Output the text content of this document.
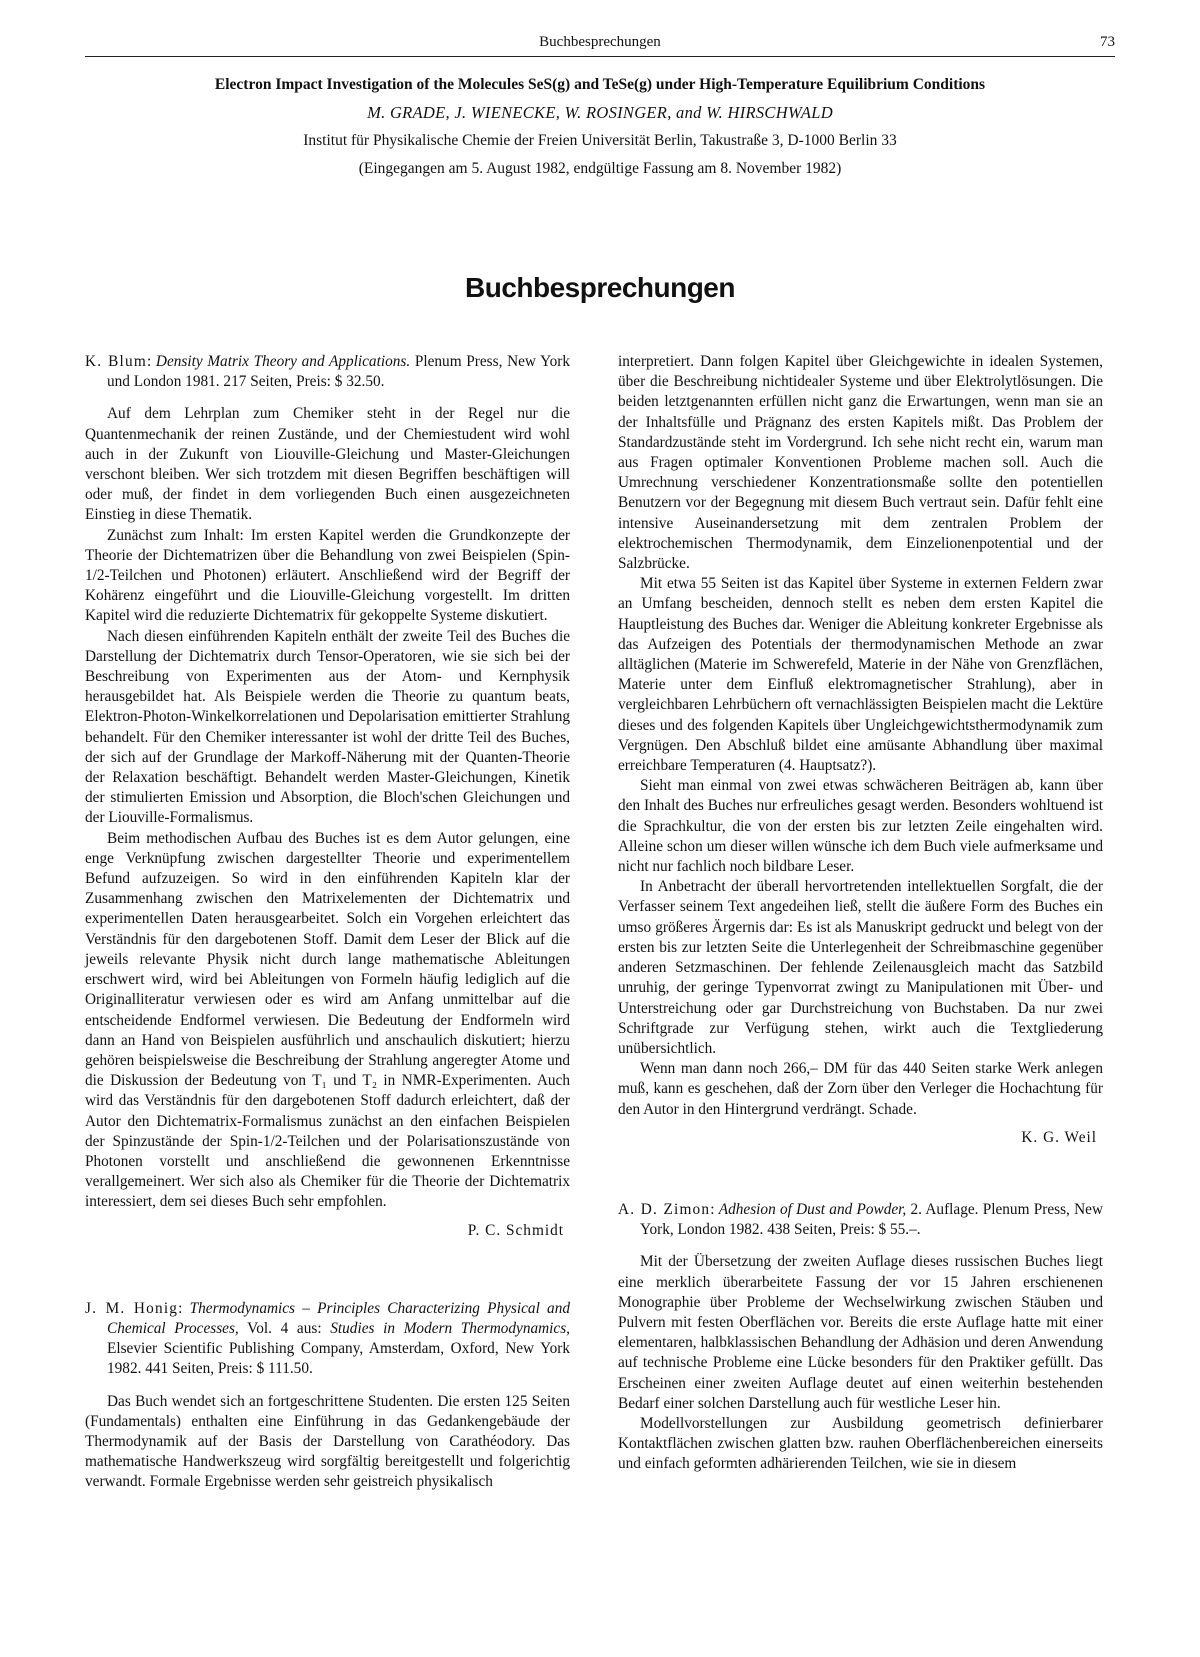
Buchbesprechungen	73
Electron Impact Investigation of the Molecules SeS(g) and TeSe(g) under High-Temperature Equilibrium Conditions
M. GRADE, J. WIENECKE, W. ROSINGER, and W. HIRSCHWALD
Institut für Physikalische Chemie der Freien Universität Berlin, Takustraße 3, D-1000 Berlin 33
(Eingegangen am 5. August 1982, endgültige Fassung am 8. November 1982)
Buchbesprechungen

K. Blum: Density Matrix Theory and Applications. Plenum Press, New York und London 1981. 217 Seiten, Preis: $ 32.50.

Auf dem Lehrplan zum Chemiker steht in der Regel nur die Quantenmechanik der reinen Zustände, und der Chemiestudent wird wohl auch in der Zukunft von Liouville-Gleichung und Master-Gleichungen verschont bleiben. Wer sich trotzdem mit diesen Begriffen beschäftigen will oder muß, der findet in dem vorliegenden Buch einen ausgezeichneten Einstieg in diese Thematik.

Zunächst zum Inhalt: Im ersten Kapitel werden die Grundkonzepte der Theorie der Dichtematrizen über die Behandlung von zwei Beispielen (Spin-1/2-Teilchen und Photonen) erläutert. Anschließend wird der Begriff der Kohärenz eingeführt und die Liouville-Gleichung vorgestellt. Im dritten Kapitel wird die reduzierte Dichtematrix für gekoppelte Systeme diskutiert.

Nach diesen einführenden Kapiteln enthält der zweite Teil des Buches die Darstellung der Dichtematrix durch Tensor-Operatoren, wie sie sich bei der Beschreibung von Experimenten aus der Atom- und Kernphysik herausgebildet hat. Als Beispiele werden die Theorie zu quantum beats, Elektron-Photon-Winkelkorrelationen und Depolarisation emittierter Strahlung behandelt. Für den Chemiker interessanter ist wohl der dritte Teil des Buches, der sich auf der Grundlage der Markoff-Näherung mit der Quanten-Theorie der Relaxation beschäftigt. Behandelt werden Master-Gleichungen, Kinetik der stimulierten Emission und Absorption, die Bloch'schen Gleichungen und der Liouville-Formalismus.

Beim methodischen Aufbau des Buches ist es dem Autor gelungen, eine enge Verknüpfung zwischen dargestellter Theorie und experimentellem Befund aufzuzeigen. So wird in den einführenden Kapiteln klar der Zusammenhang zwischen den Matrixelementen der Dichtematrix und experimentellen Daten herausgearbeitet. Solch ein Vorgehen erleichtert das Verständnis für den dargebotenen Stoff. Damit dem Leser der Blick auf die jeweils relevante Physik nicht durch lange mathematische Ableitungen erschwert wird, wird bei Ableitungen von Formeln häufig lediglich auf die Originalliteratur verwiesen oder es wird am Anfang unmittelbar auf die entscheidende Endformel verwiesen. Die Bedeutung der Endformeln wird dann an Hand von Beispielen ausführlich und anschaulich diskutiert; hierzu gehören beispielsweise die Beschreibung der Strahlung angeregter Atome und die Diskussion der Bedeutung von T₁ und T₂ in NMR-Experimenten. Auch wird das Verständnis für den dargebotenen Stoff dadurch erleichtert, daß der Autor den Dichtematrix-Formalismus zunächst an den einfachen Beispielen der Spinzustände der Spin-1/2-Teilchen und der Polarisationszustände von Photonen vorstellt und anschließend die gewonnenen Erkenntnisse verallgemeinert. Wer sich also als Chemiker für die Theorie der Dichtematrix interessiert, dem sei dieses Buch sehr empfohlen.

P. C. Schmidt

J. M. Honig: Thermodynamics – Principles Characterizing Physical and Chemical Processes, Vol. 4 aus: Studies in Modern Thermodynamics, Elsevier Scientific Publishing Company, Amsterdam, Oxford, New York 1982. 441 Seiten, Preis: $ 111.50.

Das Buch wendet sich an fortgeschrittene Studenten. Die ersten 125 Seiten (Fundamentals) enthalten eine Einführung in das Gedankengebäude der Thermodynamik auf der Basis der Darstellung von Carathéodory. Das mathematische Handwerkszeug wird sorgfältig bereitgestellt und folgerichtig verwandt. Formale Ergebnisse werden sehr geistreich physikalisch

interpretiert. Dann folgen Kapitel über Gleichgewichte in idealen Systemen, über die Beschreibung nichtidealer Systeme und über Elektrolytlösungen. Die beiden letztgenannten erfüllen nicht ganz die Erwartungen, wenn man sie an der Inhaltsfülle und Prägnanz des ersten Kapitels mißt. Das Problem der Standardzustände steht im Vordergrund. Ich sehe nicht recht ein, warum man aus Fragen optimaler Konventionen Probleme machen soll. Auch die Umrechnung verschiedener Konzentrationsmaße sollte den potentiellen Benutzern vor der Begegnung mit diesem Buch vertraut sein. Dafür fehlt eine intensive Auseinandersetzung mit dem zentralen Problem der elektrochemischen Thermodynamik, dem Einzelionenpotential und der Salzbrücke.

Mit etwa 55 Seiten ist das Kapitel über Systeme in externen Feldern zwar an Umfang bescheiden, dennoch stellt es neben dem ersten Kapitel die Hauptleistung des Buches dar. Weniger die Ableitung konkreter Ergebnisse als das Aufzeigen des Potentials der thermodynamischen Methode an zwar alltäglichen (Materie im Schwerefeld, Materie in der Nähe von Grenzflächen, Materie unter dem Einfluß elektromagnetischer Strahlung), aber in vergleichbaren Lehrbüchern oft vernachlässigten Beispielen macht die Lektüre dieses und des folgenden Kapitels über Ungleichgewichtsthermodynamik zum Vergnügen. Den Abschluß bildet eine amüsante Abhandlung über maximal erreichbare Temperaturen (4. Hauptsatz?).

Sieht man einmal von zwei etwas schwächeren Beiträgen ab, kann über den Inhalt des Buches nur erfreuliches gesagt werden. Besonders wohltuend ist die Sprachkultur, die von der ersten bis zur letzten Zeile eingehalten wird. Alleine schon um dieser willen wünsche ich dem Buch viele aufmerksame und nicht nur fachlich noch bildbare Leser.

In Anbetracht der überall hervortretenden intellektuellen Sorgfalt, die der Verfasser seinem Text angedeihen ließ, stellt die äußere Form des Buches ein umso größeres Ärgernis dar: Es ist als Manuskript gedruckt und belegt von der ersten bis zur letzten Seite die Unterlegenheit der Schreibmaschine gegenüber anderen Setzmaschinen. Der fehlende Zeilenausgleich macht das Satzbild unruhig, der geringe Typenvorrat zwingt zu Manipulationen mit Über- und Unterstreichung oder gar Durchstreichung von Buchstaben. Da nur zwei Schriftgrade zur Verfügung stehen, wirkt auch die Textgliederung unübersichtlich.

Wenn man dann noch 266,– DM für das 440 Seiten starke Werk anlegen muß, kann es geschehen, daß der Zorn über den Verleger die Hochachtung für den Autor in den Hintergrund verdrängt. Schade.

K. G. Weil

A. D. Zimon: Adhesion of Dust and Powder, 2. Auflage. Plenum Press, New York, London 1982. 438 Seiten, Preis: $ 55.–.

Mit der Übersetzung der zweiten Auflage dieses russischen Buches liegt eine merklich überarbeitete Fassung der vor 15 Jahren erschienenen Monographie über Probleme der Wechselwirkung zwischen Stäuben und Pulvern mit festen Oberflächen vor. Bereits die erste Auflage hatte mit einer elementaren, halbklassischen Behandlung der Adhäsion und deren Anwendung auf technische Probleme eine Lücke besonders für den Praktiker gefüllt. Das Erscheinen einer zweiten Auflage deutet auf einen weiterhin bestehenden Bedarf einer solchen Darstellung auch für westliche Leser hin.

Modellvorstellungen zur Ausbildung geometrisch definierbarer Kontaktflächen zwischen glatten bzw. rauhen Oberflächenbereichen einerseits und einfach geformten adhärierenden Teilchen, wie sie in diesem
